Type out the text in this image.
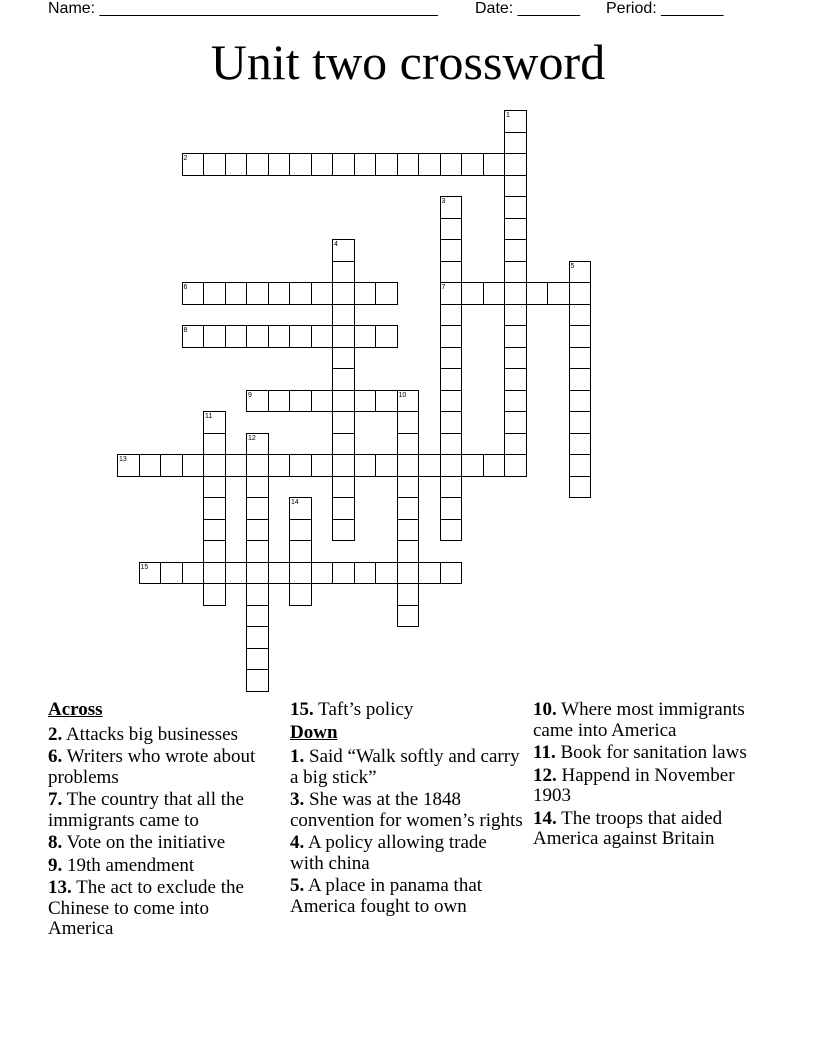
Name: ______________________________________ Date: _______ Period: _______
Unit two crossword
1
2
3
7
4
5
6
8
9	10
11
12
13
14
15
Across
2. Attacks big businesses
6. Writers who wrote about problems
7. The country that all the immigrants came to
8. Vote on the initiative
9. 19th amendment
13. The act to exclude the Chinese to come into America
15. Taft’s policy
Down
1. Said “Walk softly and carry a big stick”
3. She was at the 1848 convention for women’s rights
4. A policy allowing trade with china
5. A place in panama that America fought to own
10. Where most immigrants came into America
11. Book for sanitation laws
12. Happend in November 1903
14. The troops that aided America against Britain
